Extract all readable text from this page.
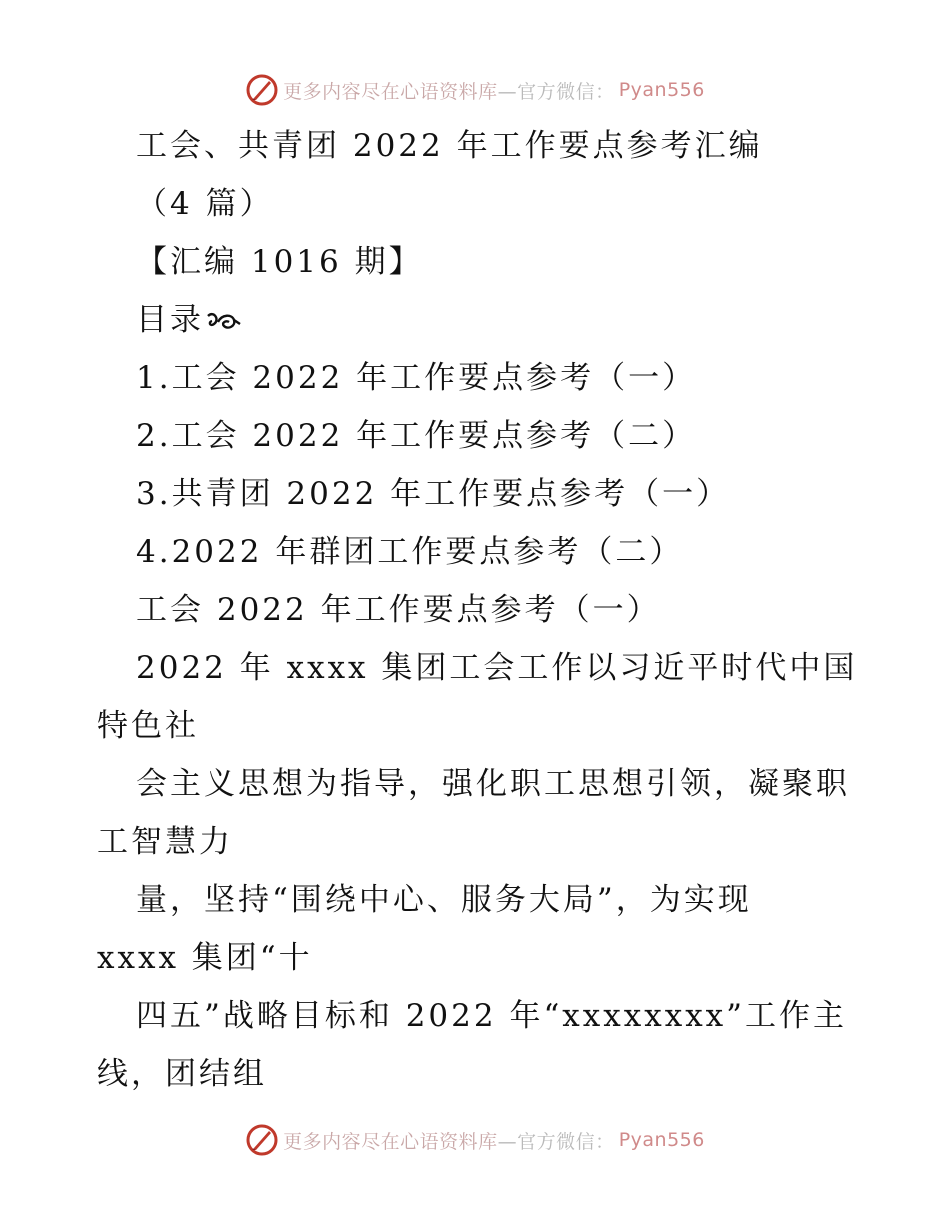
更多内容尽在心语资料库 —官方微信： Pyan556
工会、共青团 2022 年工作要点参考汇编
（4 篇）
【汇编 1016 期】
目录
1.工会 2022 年工作要点参考（一）
2.工会 2022 年工作要点参考（二）
3.共青团 2022 年工作要点参考（一）
4.2022 年群团工作要点参考（二）
工会 2022 年工作要点参考（一）
2022 年 xxxx 集团工会工作以习近平时代中国
特色社
会主义思想为指导，强化职工思想引领，凝聚职
工智慧力
量，坚持“围绕中心、服务大局”，为实现
xxxx 集团“十
四五”战略目标和 2022 年“xxxxxxxx”工作主
线，团结组
更多内容尽在心语资料库 —官方微信： Pyan556
